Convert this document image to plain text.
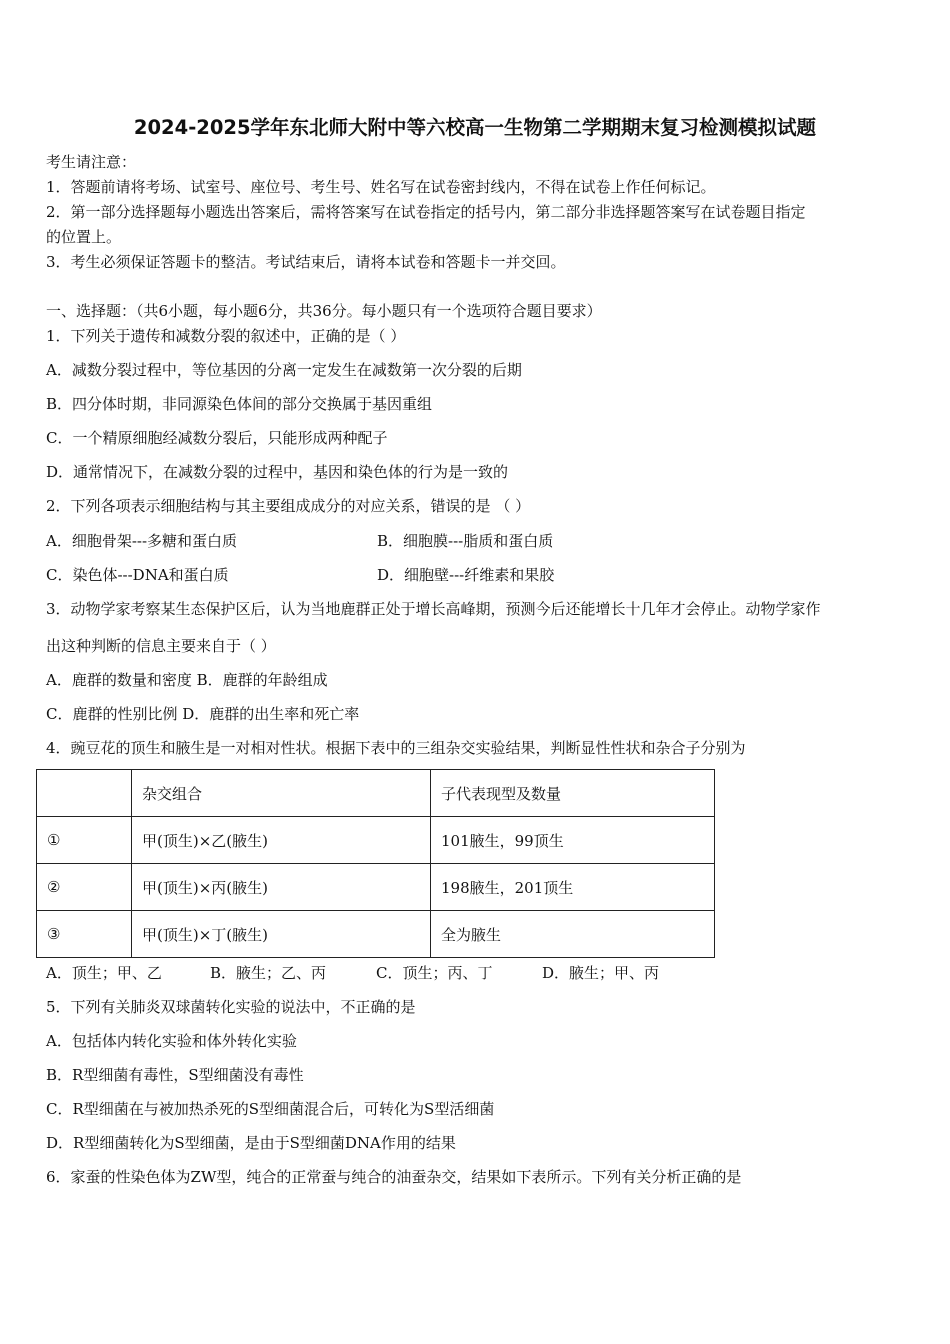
2024-2025学年东北师大附中等六校高一生物第二学期期末复习检测模拟试题
考生请注意：
1．答题前请将考场、试室号、座位号、考生号、姓名写在试卷密封线内，不得在试卷上作任何标记。
2．第一部分选择题每小题选出答案后，需将答案写在试卷指定的括号内，第二部分非选择题答案写在试卷题目指定
的位置上。
3．考生必须保证答题卡的整洁。考试结束后，请将本试卷和答题卡一并交回。
一、选择题：（共6小题，每小题6分，共36分。每小题只有一个选项符合题目要求）
1．下列关于遗传和减数分裂的叙述中，正确的是（ ）
A．减数分裂过程中，等位基因的分离一定发生在减数第一次分裂的后期
B．四分体时期，非同源染色体间的部分交换属于基因重组
C．一个精原细胞经减数分裂后，只能形成两种配子
D．通常情况下，在减数分裂的过程中，基因和染色体的行为是一致的
2．下列各项表示细胞结构与其主要组成成分的对应关系，错误的是 （ ）
A．细胞骨架---多糖和蛋白质	B．细胞膜---脂质和蛋白质
C．染色体---DNA和蛋白质	D．细胞壁---纤维素和果胶
3．动物学家考察某生态保护区后，认为当地鹿群正处于增长高峰期，预测今后还能增长十几年才会停止。动物学家作
出这种判断的信息主要来自于（ ）
A．鹿群的数量和密度 B．鹿群的年龄组成
C．鹿群的性别比例 D．鹿群的出生率和死亡率
4．豌豆花的顶生和腋生是一对相对性状。根据下表中的三组杂交实验结果，判断显性性状和杂合子分别为
	杂交组合	子代表现型及数量
①	甲(顶生)×乙(腋生)	101腋生，99顶生
②	甲(顶生)×丙(腋生)	198腋生，201顶生
③	甲(顶生)×丁(腋生)	全为腋生
A．顶生；甲、乙	B．腋生；乙、丙	C．顶生；丙、丁	D．腋生；甲、丙
5．下列有关肺炎双球菌转化实验的说法中，不正确的是
A．包括体内转化实验和体外转化实验
B．R型细菌有毒性，S型细菌没有毒性
C．R型细菌在与被加热杀死的S型细菌混合后，可转化为S型活细菌
D．R型细菌转化为S型细菌，是由于S型细菌DNA作用的结果
6．家蚕的性染色体为ZW型，纯合的正常蚕与纯合的油蚕杂交，结果如下表所示。下列有关分析正确的是
